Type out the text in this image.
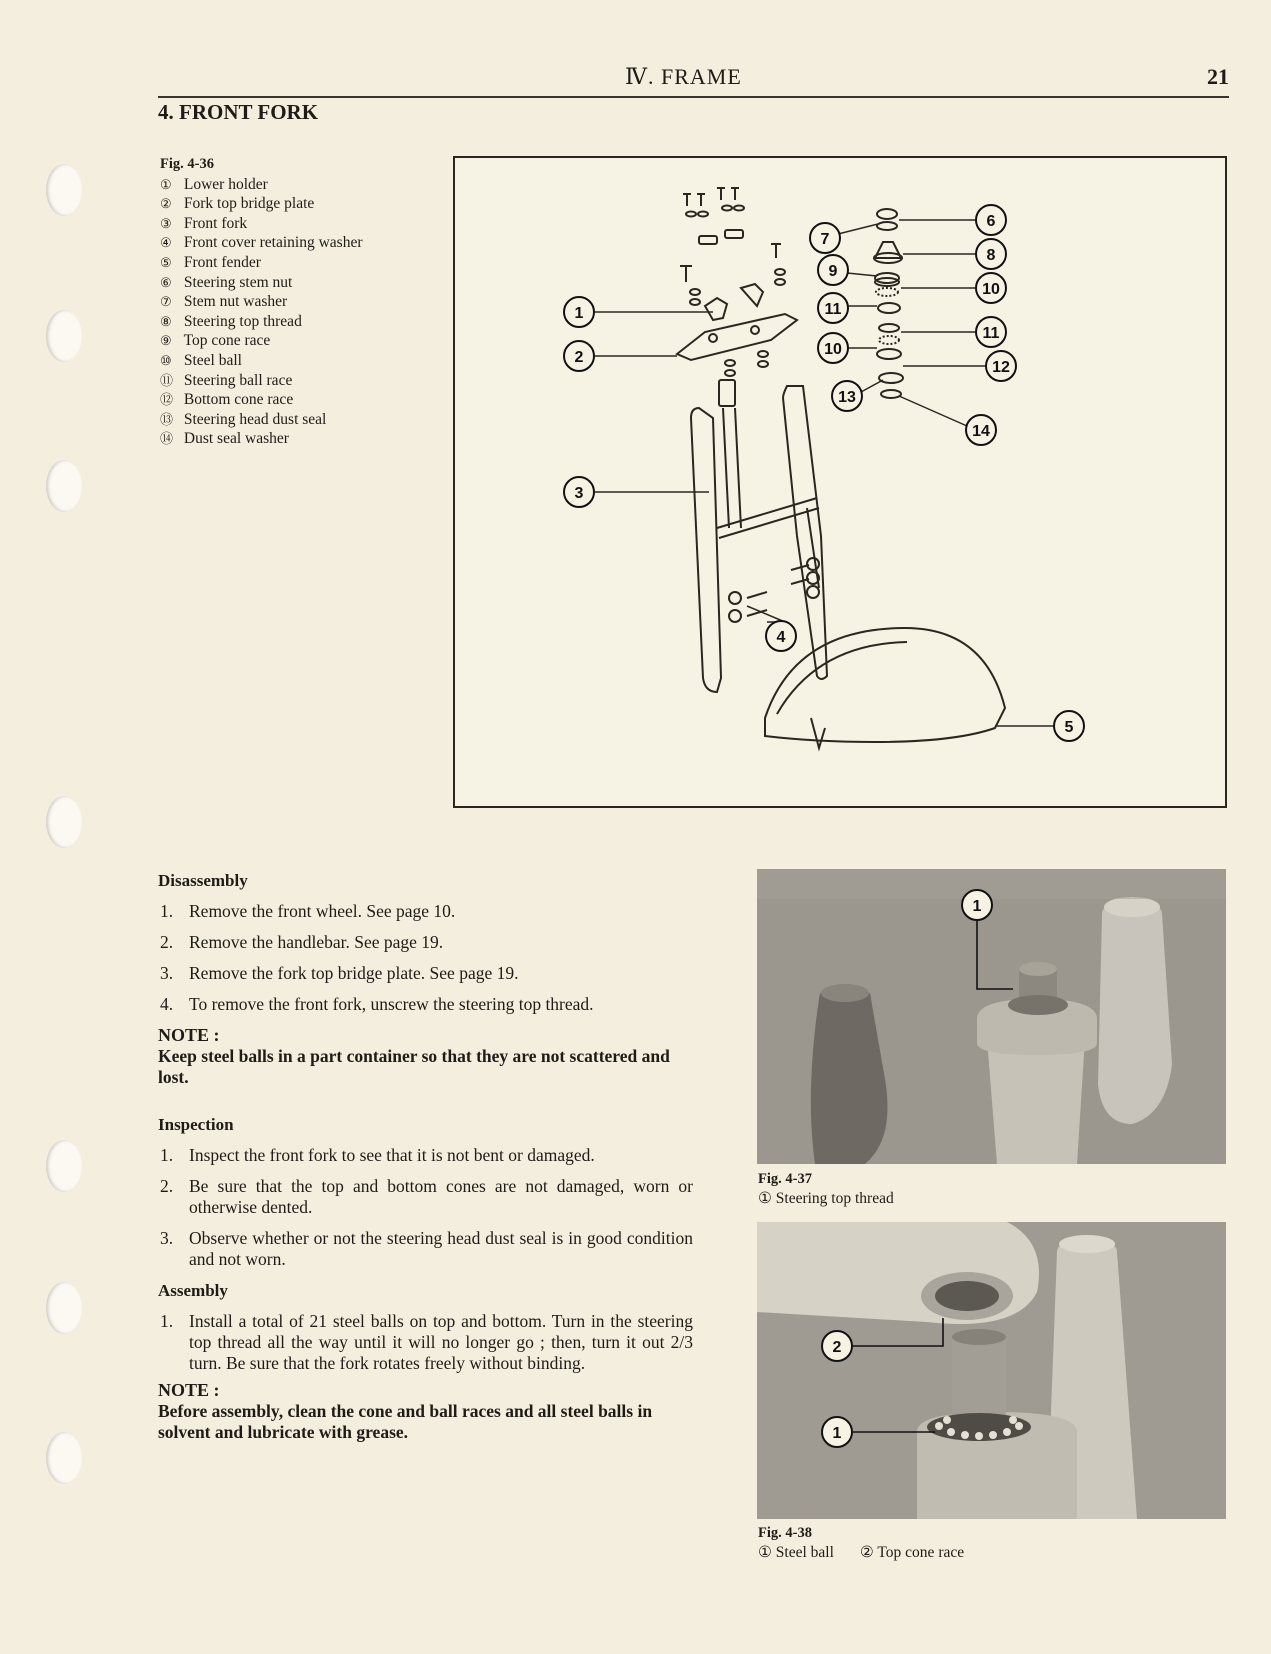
Ⅳ. FRAME	21
4. FRONT FORK
Fig. 4-36
① Lower holder
② Fork top bridge plate
③ Front fork
④ Front cover retaining washer
⑤ Front fender
⑥ Steering stem nut
⑦ Stem nut washer
⑧ Steering top thread
⑨ Top cone race
⑩ Steel ball
⑪ Steering ball race
⑫ Bottom cone race
⑬ Steering head dust seal
⑭ Dust seal washer
1
2
3
4
5
6
7
8
9
10
11
11
10
12
13
14
Disassembly
1. Remove the front wheel. See page 10.
2. Remove the handlebar. See page 19.
3. Remove the fork top bridge plate. See page 19.
4. To remove the front fork, unscrew the steering top thread.
NOTE :
Keep steel balls in a part container so that they are not scattered and lost.
Inspection
1. Inspect the front fork to see that it is not bent or damaged.
2. Be sure that the top and bottom cones are not damaged, worn or otherwise dented.
3. Observe whether or not the steering head dust seal is in good condition and not worn.
Assembly
1. Install a total of 21 steel balls on top and bottom. Turn in the steering top thread all the way until it will no longer go ; then, turn it out 2/3 turn. Be sure that the fork rotates freely without binding.
NOTE :
Before assembly, clean the cone and ball races and all steel balls in solvent and lubricate with grease.
1
Fig. 4-37
① Steering top thread
2
1
Fig. 4-38
① Steel ball ② Top cone race
